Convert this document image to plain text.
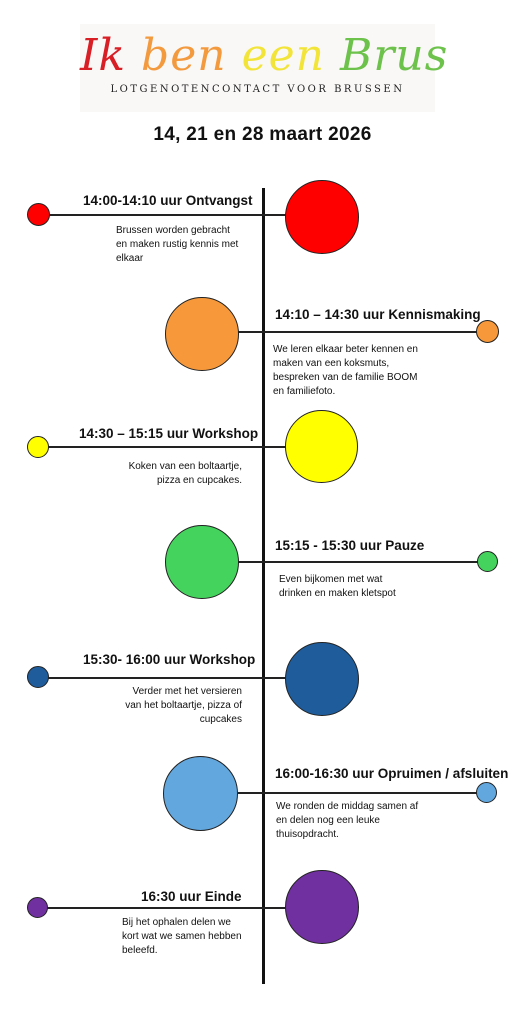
Ik ben een Brus
LOTGENOTENCONTACT VOOR BRUSSEN
14, 21 en 28 maart 2026
14:00-14:10 uur Ontvangst
Brussen worden gebracht
en maken rustig kennis met
elkaar
14:10 – 14:30 uur Kennismaking
We leren elkaar beter kennen en
maken van een koksmuts,
bespreken van de familie BOOM
en familiefoto.
14:30 – 15:15 uur Workshop
Koken van een boltaartje,
pizza en cupcakes.
15:15 - 15:30 uur Pauze
Even bijkomen met wat
drinken en maken kletspot
15:30- 16:00 uur Workshop
Verder met het versieren
van het boltaartje, pizza of
cupcakes
16:00-16:30 uur Opruimen / afsluiten
We ronden de middag samen af
en delen nog een leuke
thuisopdracht.
16:30 uur Einde
Bij het ophalen delen we
kort wat we samen hebben
beleefd.
